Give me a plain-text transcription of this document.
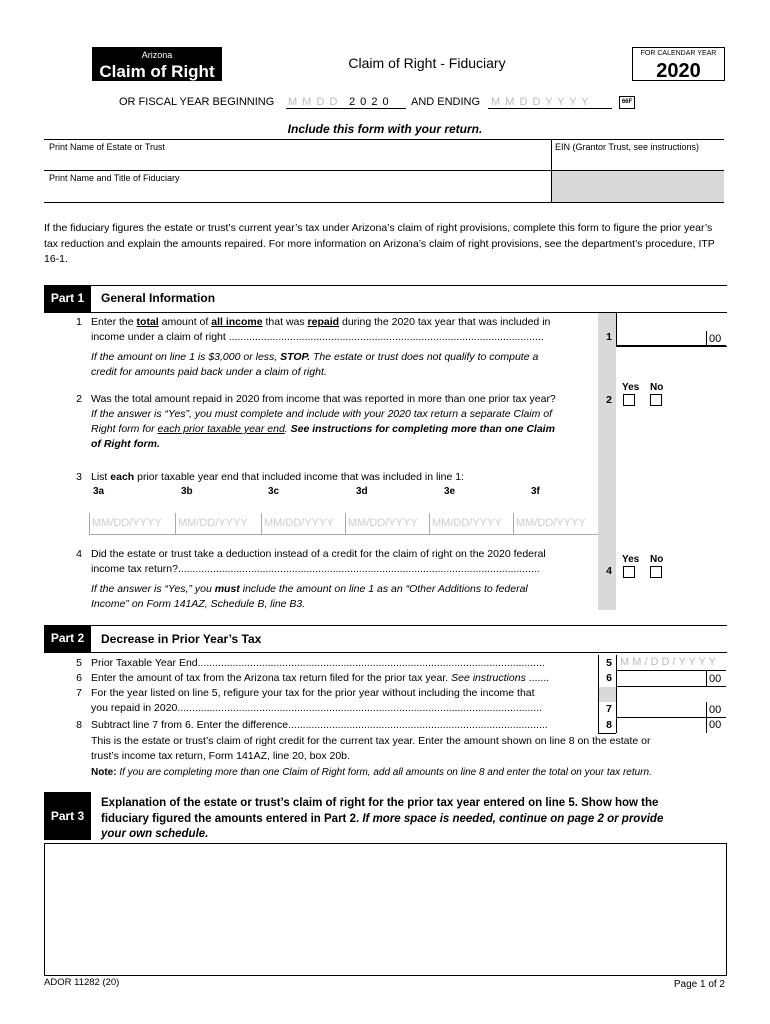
Arizona
Claim of Right	Claim of Right - Fiduciary
FOR CALENDAR YEAR
2020
OR FISCAL YEAR BEGINNING M M D D 2 0 2 0 AND ENDING M M D D Y Y Y Y	66F
Include this form with your return.
Print Name of Estate or Trust	EIN (Grantor Trust, see instructions)
Print Name and Title of Fiduciary
If the fiduciary figures the estate or trust’s current year’s tax under Arizona’s claim of right provisions, complete this form to figure the prior year’s tax reduction and explain the amounts repaired. For more information on Arizona’s claim of right provisions, see the department’s procedure, ITP 16-1.
Part 1	General Information
1 Enter the total amount of all income that was repaid during the 2020 tax year that was included in
income under a claim of right ............................................................................................................
If the amount on line 1 is $3,000 or less, STOP. The estate or trust does not qualify to compute a
credit for amounts paid back under a claim of right.
1	00
2 Was the total amount repaid in 2020 from income that was reported in more than one prior tax year?
If the answer is “Yes”, you must complete and include with your 2020 tax return a separate Claim of
Right form for each prior taxable year end. See instructions for completing more than one Claim
of Right form.
2
Yes No
3 List each prior taxable year end that included income that was included in line 1:
3a	3b	3c	3d	3e	3f
MM/DD/YYYY MM/DD/YYYY MM/DD/YYYY MM/DD/YYYY MM/DD/YYYY MM/DD/YYYY
4 Did the estate or trust take a deduction instead of a credit for the claim of right on the 2020 federal
income tax return?............................................................................................................................
If the answer is “Yes,” you must include the amount on line 1 as an “Other Additions to federal
Income” on Form 141AZ, Schedule B, line B3.
4
Yes No
Part 2	Decrease in Prior Year’s Tax
5 Prior Taxable Year End.......................................................................................................................	5 M M / D D / Y Y Y Y
6 Enter the amount of tax from the Arizona tax return filed for the prior tax year. See instructions .......	6	00
7 For the year listed on line 5, refigure your tax for the prior year without including the income that
you repaid in 2020.............................................................................................................................	7	00
8 Subtract line 7 from 6. Enter the difference.........................................................................................	8	00
This is the estate or trust’s claim of right credit for the current tax year. Enter the amount shown on line 8 on the estate or
trust’s income tax return, Form 141AZ, line 20, box 20b.
Note: If you are completing more than one Claim of Right form, add all amounts on line 8 and enter the total on your tax return.
Part 3
Explanation of the estate or trust’s claim of right for the prior tax year entered on line 5. Show how the
fiduciary figured the amounts entered in Part 2. If more space is needed, continue on page 2 or provide
your own schedule.
ADOR 11282 (20)	Page 1 of 2
